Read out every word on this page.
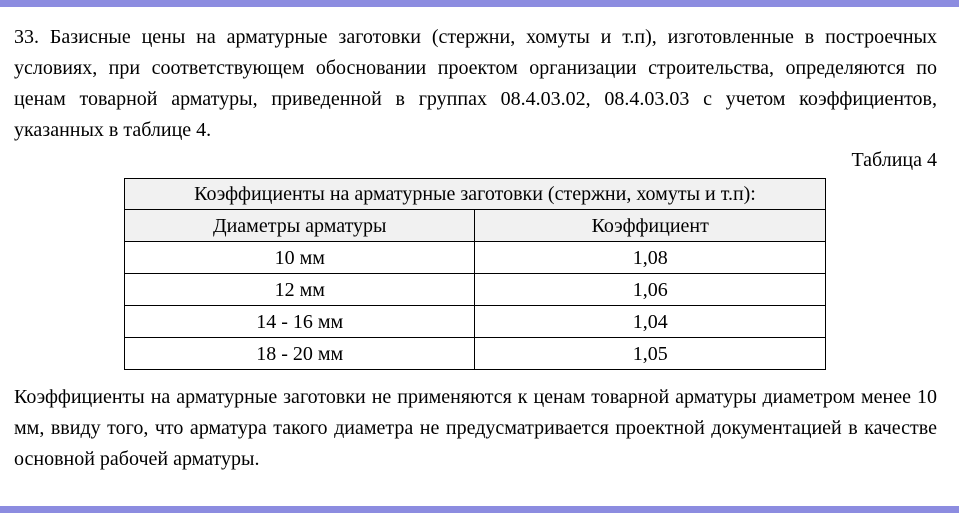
33. Базисные цены на арматурные заготовки (стержни, хомуты и т.п), изготовленные в построечных условиях, при соответствующем обосновании проектом организации строительства, определяются по ценам товарной арматуры, приведенной в группах 08.4.03.02, 08.4.03.03 с учетом коэффициентов, указанных в таблице 4.

Таблица 4

Коэффициенты на арматурные заготовки (стержни, хомуты и т.п):	
Диаметры арматуры	Коэффициент
10 мм	1,08
12 мм	1,06
14 - 16 мм	1,04
18 - 20 мм	1,05

Коэффициенты на арматурные заготовки не применяются к ценам товарной арматуры диаметром менее 10 мм, ввиду того, что арматура такого диаметра не предусматривается проектной документацией в качестве основной рабочей арматуры.
